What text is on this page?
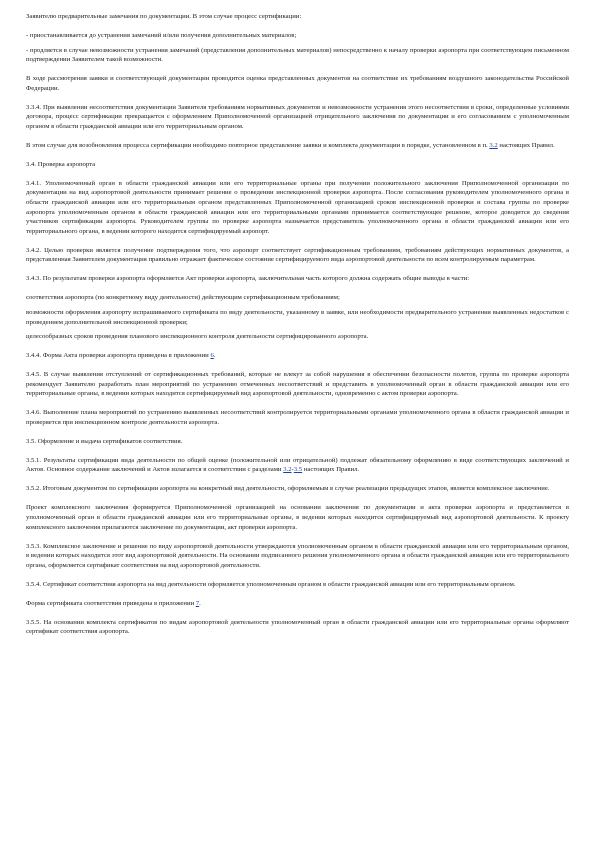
Заявителю предварительные замечания по документации. В этом случае процесс сертификации:

- приостанавливается до устранения замечаний и/или получения дополнительных материалов;

- продляется в случае невозможности устранения замечаний (представления дополнительных материалов) непосредственно к началу проверки аэропорта при соответствующем письменном подтверждении Заявителем такой возможности.

В ходе рассмотрения заявки и соответствующей документации проводится оценка представленных документов на соответствие их требованиям воздушного законодательства Российской Федерации.

3.3.4. При выявлении несоответствия документации Заявителя требованиям нормативных документов и невозможности устранения этого несоответствия в сроки, определенные условиями договора, процесс сертификации прекращается с оформлением Приполномоченной организацией отрицательного заключения по документации и его согласованием с уполномоченным органом в области гражданской авиации или его территориальным органом.

В этом случае для возобновления процесса сертификации необходимо повторное представление заявки и комплекта документации в порядке, установленном в п. 3.2 настоящих Правил.

3.4. Проверка аэропорта

3.4.1. Уполномоченный орган в области гражданской авиации или его территориальные органы при получении положительного заключения Приполномоченной организации по документации на вид аэропортовой деятельности принимает решение о проведении инспекционной проверки аэропорта. После согласования руководителем уполномоченного органа в области гражданской авиации или его территориальным органом представленных Приполномоченной организацией сроков инспекционной проверки и состава группы по проверке аэропорта уполномоченным органом в области гражданской авиации или его территориальными органами принимается соответствующее решение, которое доводится до сведения участников сертификации аэропорта. Руководителем группы по проверке аэропорта назначается представитель уполномоченного органа в области гражданской авиации или его территориального органа, в ведении которого находится сертифицируемый аэропорт.

3.4.2. Целью проверки является получение подтверждения того, что аэропорт соответствует сертификационным требованиям, требованиям действующих нормативных документов, а представленная Заявителем документация правильно отражает фактическое состояние сертифицируемого вида аэропортовой деятельности по всем контролируемым параметрам.

3.4.3. По результатам проверки аэропорта оформляется Акт проверки аэропорта, заключительная часть которого должна содержать общие выводы в части:

соответствия аэропорта (по конкретному виду деятельности) действующим сертификационным требованиям;

возможности оформления аэропорту испрашиваемого сертификата по виду деятельности, указанному в заявке, или необходимости предварительного устранения выявленных недостатков с проведением дополнительной инспекционной проверки;

целесообразных сроков проведения планового инспекционного контроля деятельности сертифицированного аэропорта.

3.4.4. Форма Акта проверки аэропорта приведена в приложении 6.

3.4.5. В случае выявления отступлений от сертификационных требований, которые не влекут за собой нарушения в обеспечении безопасности полетов, группа по проверке аэропорта рекомендует Заявителю разработать план мероприятий по устранению отмеченных несоответствий и представить в уполномоченный орган в области гражданской авиации или его территориальные органы, в ведении которых находится сертифицируемый вид аэропортовой деятельности, одновременно с актом проверки аэропорта.

3.4.6. Выполнение плана мероприятий по устранению выявленных несоответствий контролируется территориальными органами уполномоченного органа в области гражданской авиации и проверяется при инспекционном контроле деятельности аэропорта.

3.5. Оформление и выдача сертификатов соответствия.

3.5.1. Результаты сертификации вида деятельности по общей оценке (положительной или отрицательной) подлежат обязательному оформлению в виде соответствующих заключений и Актов. Основное содержание заключений и Актов излагается в соответствии с разделами 3.2-3.5 настоящих Правил.

3.5.2. Итоговым документом по сертификации аэропорта на конкретный вид деятельности, оформляемым в случае реализации предыдущих этапов, является комплексное заключение.

Проект комплексного заключения формируется Приполномоченной организацией на основании заключения по документации и акта проверки аэропорта и представляется в уполномоченный орган в области гражданской авиации или его территориальные органы, в ведении которых находится сертифицируемый вид аэропортовой деятельности. К проекту комплексного заключения прилагаются заключение по документации, акт проверки аэропорта.

3.5.3. Комплексное заключение и решение по виду аэропортовой деятельности утверждаются уполномоченным органом в области гражданской авиации или его территориальным органом, в ведении которых находится этот вид аэропортовой деятельности. На основании подписанного решения уполномоченного органа в области гражданской авиации или его территориального органа, оформляется сертификат соответствия на вид аэропортовой деятельности.

3.5.4. Сертификат соответствия аэропорта на вид деятельности оформляется уполномоченным органом в области гражданской авиации или его территориальным органом.

Форма сертификата соответствия приведена в приложении 7.

3.5.5. На основании комплекта сертификатов по видам аэропортовой деятельности уполномоченный орган в области гражданской авиации или его территориальные органы оформляют сертификат соответствия аэропорта.
